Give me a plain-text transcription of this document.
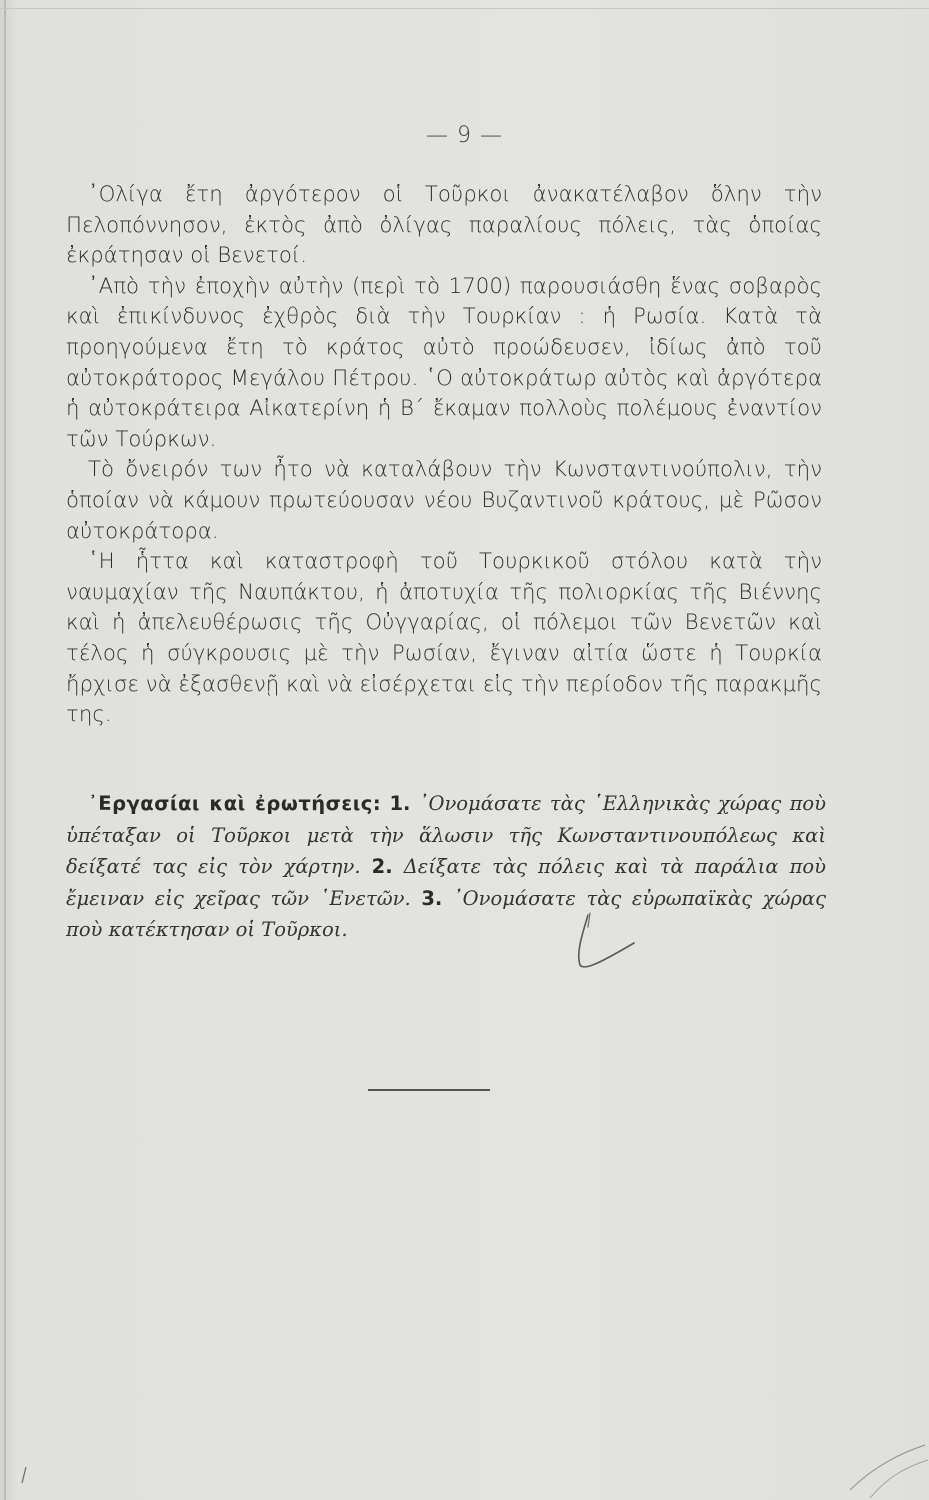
— 9 —

᾿Ολίγα ἔτη ἀργότερον οἱ Τοῦρκοι ἀνακατέλαβον ὅλην τὴν Πελοπόννησον, ἐκτὸς ἀπὸ ὀλίγας παραλίους πόλεις, τὰς ὁποίας ἐκράτησαν οἱ Βενετοί.

᾿Απὸ τὴν ἐποχὴν αὐτὴν (περὶ τὸ 1700) παρουσιάσθη ἕνας σοβαρὸς καὶ ἐπικίνδυνος ἐχθρὸς διὰ τὴν Τουρκίαν : ἡ Ρωσία. Κατὰ τὰ προηγούμενα ἔτη τὸ κράτος αὐτὸ προώδευσεν, ἰδίως ἀπὸ τοῦ αὐτοκράτορος Μεγάλου Πέτρου. ῾Ο αὐτοκράτωρ αὐτὸς καὶ ἀργότερα ἡ αὐτοκράτειρα Αἰκατερίνη ἡ Β΄ ἔκαμαν πολλοὺς πολέμους ἐναντίον τῶν Τούρκων.

Τὸ ὄνειρόν των ἦτο νὰ καταλάβουν τὴν Κωνσταντινούπολιν, τὴν ὁποίαν νὰ κάμουν πρωτεύουσαν νέου Βυζαντινοῦ κράτους, μὲ Ρῶσον αὐτοκράτορα.

῾Η ἧττα καὶ καταστροφὴ τοῦ Τουρκικοῦ στόλου κατὰ τὴν ναυμαχίαν τῆς Ναυπάκτου, ἡ ἀποτυχία τῆς πολιορκίας τῆς Βιέννης καὶ ἡ ἀπελευθέρωσις τῆς Οὐγγαρίας, οἱ πόλεμοι τῶν Βενετῶν καὶ τέλος ἡ σύγκρουσις μὲ τὴν Ρωσίαν, ἔγιναν αἰτία ὥστε ἡ Τουρκία ἤρχισε νὰ ἐξασθενῇ καὶ νὰ εἰσέρχεται εἰς τὴν περίοδον τῆς παρακμῆς της.

᾿Εργασίαι καὶ ἐρωτήσεις: 1. ᾿Ονομάσατε τὰς ῾Ελληνικὰς χώρας ποὺ ὑπέταξαν οἱ Τοῦρκοι μετὰ τὴν ἅλωσιν τῆς Κωνσταντινουπόλεως καὶ δείξατέ τας εἰς τὸν χάρτην. 2. Δείξατε τὰς πόλεις καὶ τὰ παράλια ποὺ ἔμειναν εἰς χεῖρας τῶν ῾Ενετῶν. 3. ᾿Ονομάσατε τὰς εὐρωπαϊκὰς χώρας ποὺ κατέκτησαν οἱ Τοῦρκοι.
